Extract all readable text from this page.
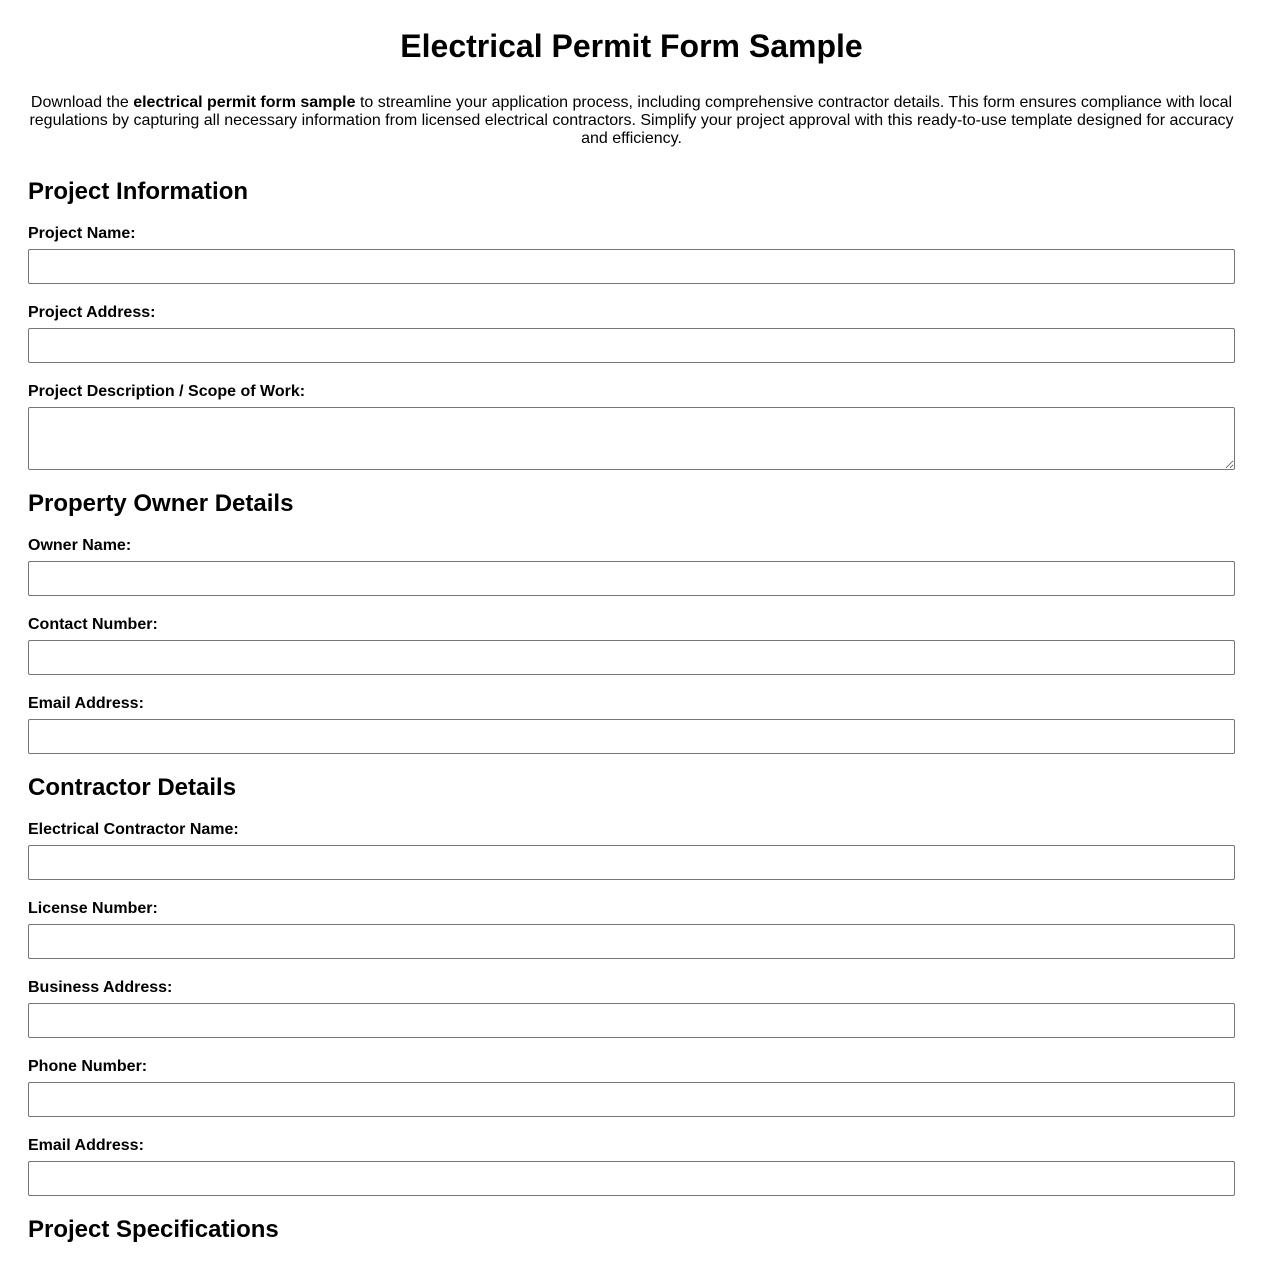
Electrical Permit Form Sample

Download the electrical permit form sample to streamline your application process, including comprehensive contractor details. This form ensures compliance with local regulations by capturing all necessary information from licensed electrical contractors. Simplify your project approval with this ready-to-use template designed for accuracy and efficiency.

Project Information
Project Name:
Project Address:
Project Description / Scope of Work:
Property Owner Details
Owner Name:
Contact Number:
Email Address:
Contractor Details
Electrical Contractor Name:
License Number:
Business Address:
Phone Number:
Email Address:
Project Specifications
